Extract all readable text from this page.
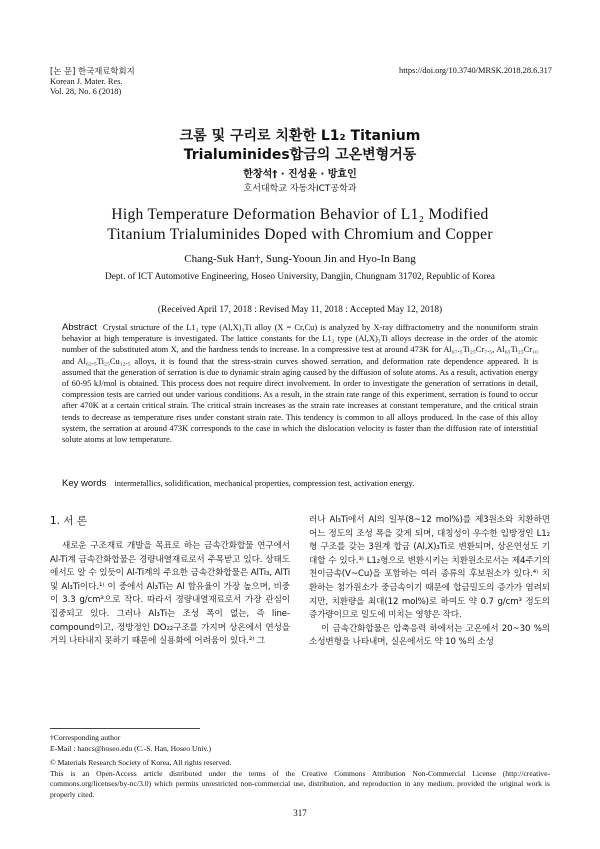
[논 문] 한국재료학회지
Korean J. Mater. Res.
Vol. 28, No. 6 (2018)
https://doi.org/10.3740/MRSK.2018.28.6.317
크롬 및 구리로 치환한 L1₂ Titanium
Trialuminides합금의 고온변형거동
한창석† · 진성윤 · 방효인
호서대학교 자동차ICT공학과
High Temperature Deformation Behavior of L1₂ Modified
Titanium Trialuminides Doped with Chromium and Copper
Chang-Suk Han†, Sung-Yooun Jin and Hyo-In Bang
Dept. of ICT Automotive Engineering, Hoseo University, Dangjin, Chungnam 31702, Republic of Korea
(Received April 17, 2018 : Revised May 11, 2018 : Accepted May 12, 2018)
Abstract Crystal structure of the L1₂ type (Al,X)₃Ti alloy (X = Cr,Cu) is analyzed by X-ray diffractometry and the nonuniform strain behavior at high temperature is investigated. The lattice constants for the L1₂ type (Al,X)₃Ti alloys decrease in the order of the atomic number of the substituted atom X, and the hardness tends to increase. In a compressive test at around 473K for Al₆₇.₅Ti₂₅Cr₇.₅, Al₆₅Ti₂₅Cr₁₀ and Al₆₂.₅Ti₂₅Cu₁₂.₅ alloys, it is found that the stress-strain curves showed serration, and deformation rate dependence appeared. It is assumed that the generation of serration is due to dynamic strain aging caused by the diffusion of solute atoms. As a result, activation energy of 60-95 kJ/mol is obtained. This process does not require direct involvement. In order to investigate the generation of serrations in detail, compression tests are carried out under various conditions. As a result, in the strain rate range of this experiment, serration is found to occur after 470K at a certain critical strain. The critical strain increases as the strain rate increases at constant temperature, and the critical strain tends to decrease as temperature rises under constant strain rate. This tendency is common to all alloys produced. In the case of this alloy system, the serration at around 473K corresponds to the case in which the dislocation velocity is faster than the diffusion rate of interstitial solute atoms at low temperature.
Key words intermetallics, solidification, mechanical properties, compression test, activation energy.
1. 서 론
새로운 구조재료 개발을 목표로 하는 금속간화합물 연구에서 Al-Ti계 금속간화합물은 경량내열재료로서 주목받고 있다. 상태도에서도 알 수 있듯이 Al-Ti계의 주요한 금속간화합물은 AlTi₃, AlTi 및 Al₃Ti이다.¹⁾ 이 중에서 Al₃Ti는 Al 함유율이 가장 높으며, 비중이 3.3 g/cm³으로 작다. 따라서 경량내열재료로서 가장 관심이 집중되고 있다. 그러나 Al₃Ti는 조성 폭이 없는, 즉 line-compound이고, 정방정인 DO₂₂구조를 가지며 상온에서 연성을 거의 나타내지 못하기 때문에 실용화에 어려움이 있다.²⁾ 그
러나 Al₃Ti에서 Al의 일부(8~12 mol%)를 제3원소와 치환하면 어느 정도의 조성 폭을 갖게 되며, 대칭성이 우수한 입방정인 L1₂형 구조를 갖는 3원계 합금 (Al,X)₃Ti로 변환되며, 상온연성도 기대할 수 있다.³⁾ L1₂형으로 변환시키는 치환원소로서는 제4주기의 천이금속(V~Cu)을 포함하는 여러 종류의 후보원소가 있다.⁴⁾ 치환하는 첨가원소가 중금속이기 때문에 합금밀도의 증가가 염려되지만, 치환량을 최대(12 mol%)로 하여도 약 0.7 g/cm³ 정도의 증가량이므로 밀도에 미치는 영향은 작다.
이 금속간화합물은 압축응력 하에서는 고온에서 20~30 %의 소성변형을 나타내며, 실온에서도 약 10 %의 소성
†Corresponding author
E-Mail : hancs@hoseo.edu (C.-S. Han, Hoseo Univ.)
© Materials Research Society of Korea, All rights reserved.
This is an Open-Access article distributed under the terms of the Creative Commons Attribution Non-Commercial License (http://creative-commons.org/licenses/by-nc/3.0) which permits unrestricted non-commercial use, distribution, and reproduction in any medium, provided the original work is properly cited.
317
